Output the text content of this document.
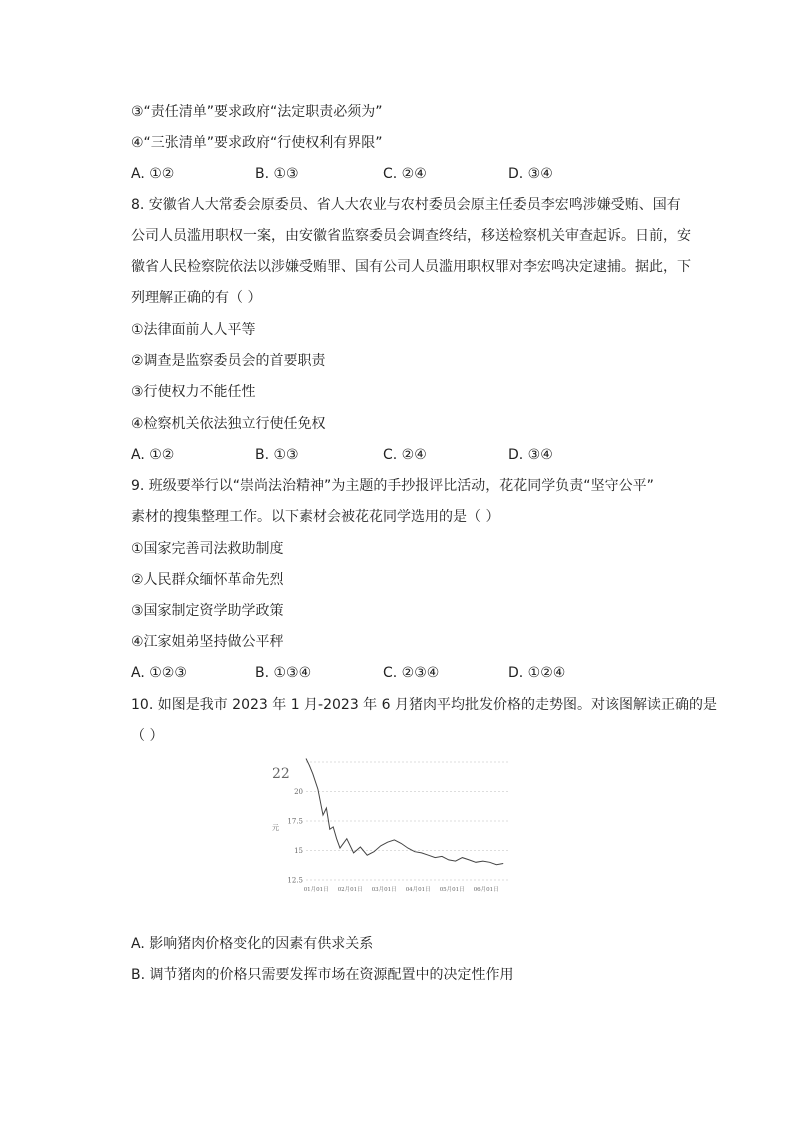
③“责任清单”要求政府“法定职责必须为”
④“三张清单”要求政府“行使权利有界限”
A. ①②	B. ①③	C. ②④	D. ③④
8. 安徽省人大常委会原委员、省人大农业与农村委员会原主任委员李宏鸣涉嫌受贿、国有
公司人员滥用职权一案，由安徽省监察委员会调查终结，移送检察机关审查起诉。日前，安
徽省人民检察院依法以涉嫌受贿罪、国有公司人员滥用职权罪对李宏鸣决定逮捕。据此，下
列理解正确的有（ ）
①法律面前人人平等
②调查是监察委员会的首要职责
③行使权力不能任性
④检察机关依法独立行使任免权
A. ①②	B. ①③	C. ②④	D. ③④
9. 班级要举行以“崇尚法治精神”为主题的手抄报评比活动，花花同学负责“坚守公平”
素材的搜集整理工作。以下素材会被花花同学选用的是（ ）
①国家完善司法救助制度
②人民群众缅怀革命先烈
③国家制定资学助学政策
④江家姐弟坚持做公平秤
A. ①②③	B. ①③④	C. ②③④	D. ①②④
10. 如图是我市 2023 年 1 月-2023 年 6 月猪肉平均批发价格的走势图。对该图解读正确的是
（ ）
20
17.5
15
12.5
01月01日 02月01日 03月01日 04月01日 05月01日 06月01日
22
元
A. 影响猪肉价格变化的因素有供求关系
B. 调节猪肉的价格只需要发挥市场在资源配置中的决定性作用
